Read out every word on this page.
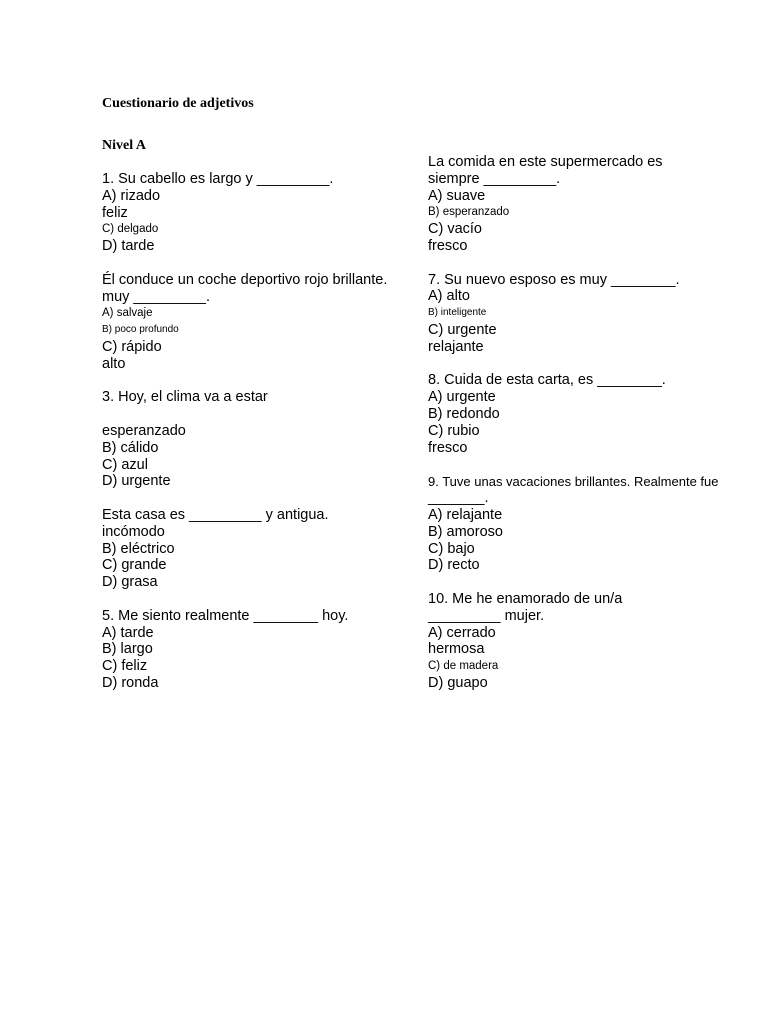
Cuestionario de adjetivos
Nivel A
1. Su cabello es largo y _________.
A) rizado
feliz
C) delgado
D) tarde
Él conduce un coche deportivo rojo brillante.
muy _________.
A) salvaje
B) poco profundo
C) rápido
alto
3. Hoy, el clima va a estar
esperanzado
B) cálido
C) azul
D) urgente
Esta casa es _________ y antigua.
incómodo
B) eléctrico
C) grande
D) grasa
5. Me siento realmente ________ hoy.
A) tarde
B) largo
C) feliz
D) ronda
La comida en este supermercado es
siempre _________.
A) suave
B) esperanzado
C) vacío
fresco
7. Su nuevo esposo es muy ________.
A) alto
B) inteligente
C) urgente
relajante
8. Cuida de esta carta, es ________.
A) urgente
B) redondo
C) rubio
fresco
9. Tuve unas vacaciones brillantes. Realmente fue
_______.
A) relajante
B) amoroso
C) bajo
D) recto
10. Me he enamorado de un/a
_________ mujer.
A) cerrado
hermosa
C) de madera
D) guapo
